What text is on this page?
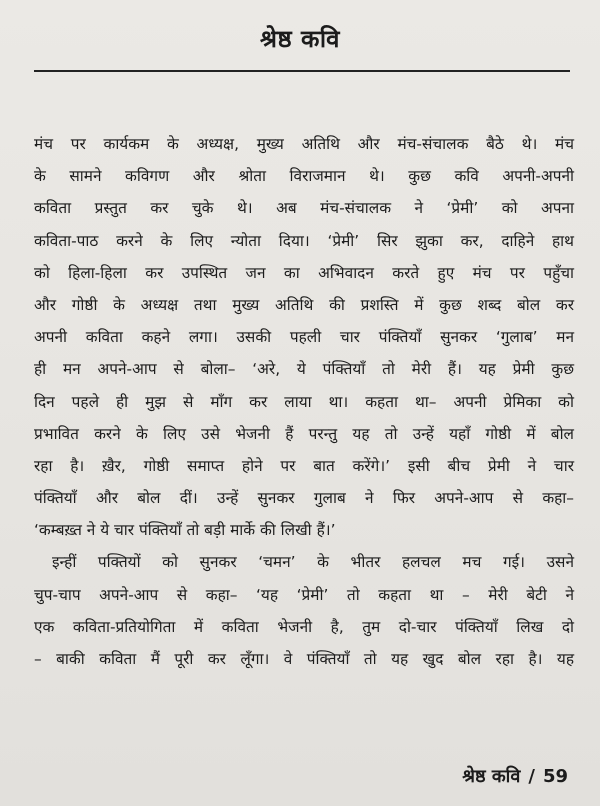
श्रेष्ठ कवि
मंच पर कार्यकम के अध्यक्ष, मुख्य अतिथि और मंच-संचालक बैठे थे। मंच
के सामने कविगण और श्रोता विराजमान थे। कुछ कवि अपनी-अपनी
कविता प्रस्तुत कर चुके थे। अब मंच-संचालक ने ‘प्रेमी’ को अपना
कविता-पाठ करने के लिए न्योता दिया। ‘प्रेमी’ सिर झुका कर, दाहिने हाथ
को हिला-हिला कर उपस्थित जन का अभिवादन करते हुए मंच पर पहुँचा
और गोष्ठी के अध्यक्ष तथा मुख्य अतिथि की प्रशस्ति में कुछ शब्द बोल कर
अपनी कविता कहने लगा। उसकी पहली चार पंक्तियाँ सुनकर ‘गुलाब’ मन
ही मन अपने-आप से बोला– ‘अरे, ये पंक्तियाँ तो मेरी हैं। यह प्रेमी कुछ
दिन पहले ही मुझ से माँग कर लाया था। कहता था– अपनी प्रेमिका को
प्रभावित करने के लिए उसे भेजनी हैं परन्तु यह तो उन्हें यहाँ गोष्ठी में बोल
रहा है। ख़ैर, गोष्ठी समाप्त होने पर बात करेंगे।’ इसी बीच प्रेमी ने चार
पंक्तियाँ और बोल दीं। उन्हें सुनकर गुलाब ने फिर अपने-आप से कहा–
‘कम्बख़्त ने ये चार पंक्तियाँ तो बड़ी मार्के की लिखी हैं।’
इन्हीं पक्तियों को सुनकर ‘चमन’ के भीतर हलचल मच गई। उसने
चुप-चाप अपने-आप से कहा– ‘यह ‘प्रेमी’ तो कहता था – मेरी बेटी ने
एक कविता-प्रतियोगिता में कविता भेजनी है, तुम दो-चार पंक्तियाँ लिख दो
– बाकी कविता मैं पूरी कर लूँगा। वे पंक्तियाँ तो यह खुद बोल रहा है। यह
श्रेष्ठ कवि / 59
